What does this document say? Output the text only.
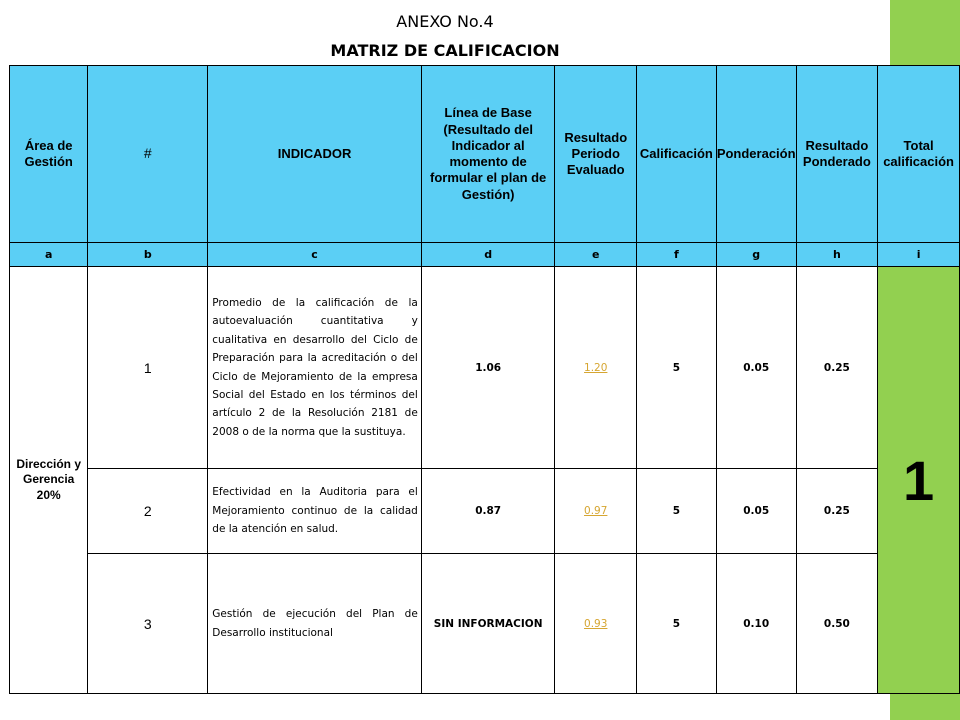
ANEXO No.4
MATRIZ DE CALIFICACION
Área de Gestión	#	INDICADOR	Línea de Base (Resultado del Indicador al momento de formular el plan de Gestión)	Resultado Periodo Evaluado	Calificación	Ponderación	Resultado Ponderado	Total calificación
a	b	c	d	e	f	g	h	i
Dirección y Gerencia 20%	1	Promedio de la calificación de la autoevaluación cuantitativa y cualitativa en desarrollo del Ciclo de Preparación para la acreditación o del Ciclo de Mejoramiento de la empresa Social del Estado en los términos del artículo 2 de la Resolución 2181 de 2008 o de la norma que la sustituya.	1.06	1.20	5	0.05	0.25	1
	2	Efectividad en la Auditoria para el Mejoramiento continuo de la calidad de la atención en salud.	0.87	0.97	5	0.05	0.25	
	3	Gestión de ejecución del Plan de Desarrollo institucional	SIN INFORMACION	0.93	5	0.10	0.50	
